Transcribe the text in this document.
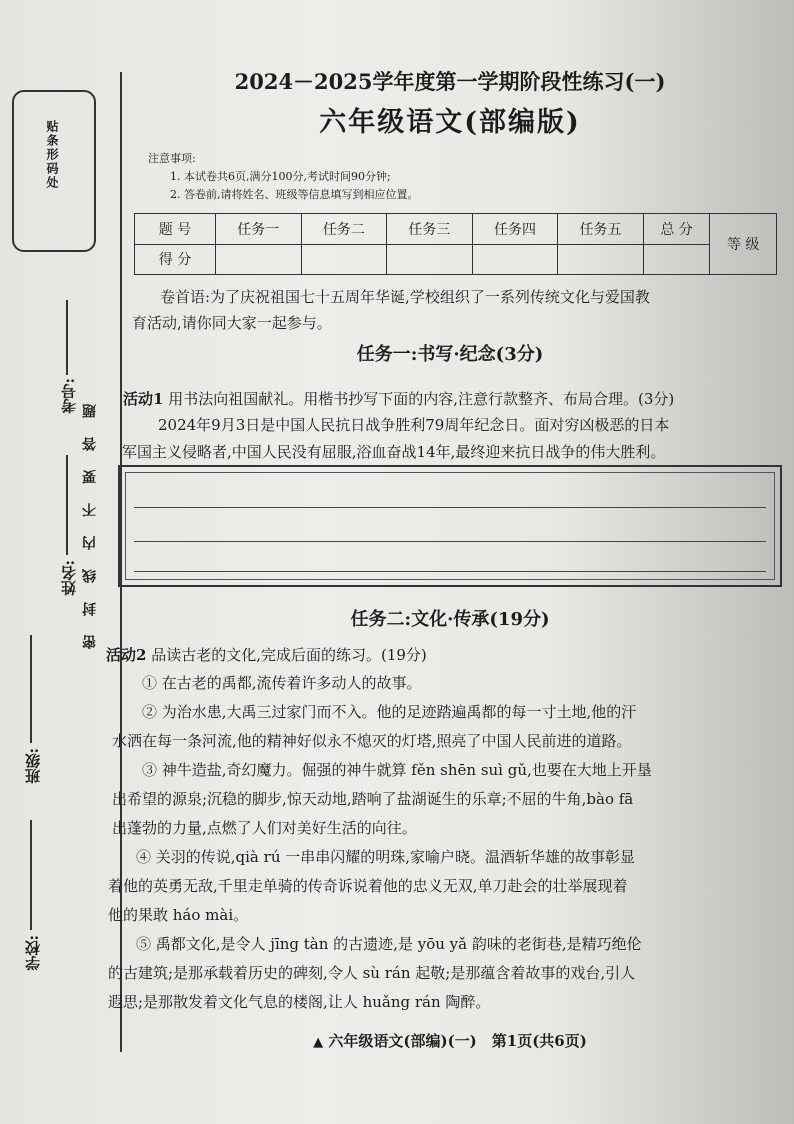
贴条形码处
考号:
姓名:
班级:
学校:
密封线内不要答题
2024－2025学年度第一学期阶段性练习(一)
六年级语文(部编版)
注意事项:
1. 本试卷共6页,满分100分,考试时间90分钟;
2. 答卷前,请将姓名、班级等信息填写到相应位置。
题 号	任务一	任务二	任务三	任务四	任务五	总 分	等 级
得 分							
卷首语:为了庆祝祖国七十五周年华诞,学校组织了一系列传统文化与爱国教
育活动,请你同大家一起参与。
任务一:书写·纪念(3分)
活动1 用书法向祖国献礼。用楷书抄写下面的内容,注意行款整齐、布局合理。(3分)
2024年9月3日是中国人民抗日战争胜利79周年纪念日。面对穷凶极恶的日本
军国主义侵略者,中国人民没有屈服,浴血奋战14年,最终迎来抗日战争的伟大胜利。
任务二:文化·传承(19分)
活动2 品读古老的文化,完成后面的练习。(19分)
① 在古老的禹都,流传着许多动人的故事。
② 为治水患,大禹三过家门而不入。他的足迹踏遍禹都的每一寸土地,他的汗
水洒在每一条河流,他的精神好似永不熄灭的灯塔,照亮了中国人民前进的道路。
③ 神牛造盐,奇幻魔力。倔强的神牛就算 fěn shēn suì gǔ,也要在大地上开垦
出希望的源泉;沉稳的脚步,惊天动地,踏响了盐湖诞生的乐章;不屈的牛角,bào fā
出蓬勃的力量,点燃了人们对美好生活的向往。
④ 关羽的传说,qià rú 一串串闪耀的明珠,家喻户晓。温酒斩华雄的故事彰显
着他的英勇无敌,千里走单骑的传奇诉说着他的忠义无双,单刀赴会的壮举展现着
他的果敢 háo mài。
⑤ 禹都文化,是令人 jīng tàn 的古遗迹,是 yōu yǎ 韵味的老街巷,是精巧绝伦
的古建筑;是那承载着历史的碑刻,令人 sù rán 起敬;是那蕴含着故事的戏台,引人
遐思;是那散发着文化气息的楼阁,让人 huǎng rán 陶醉。
▲ 六年级语文(部编)(一)　第1页(共6页)
